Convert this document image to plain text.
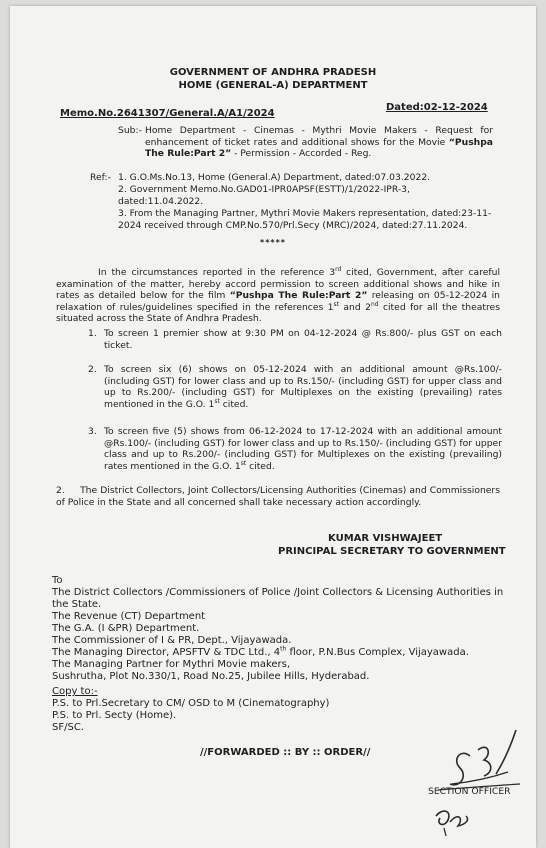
GOVERNMENT OF ANDHRA PRADESH
HOME (GENERAL-A) DEPARTMENT
Memo.No.2641307/General.A/A1/2024
Dated:02-12-2024
Sub:- Home Department - Cinemas - Mythri Movie Makers - Request for enhancement of ticket rates and additional shows for the Movie “Pushpa The Rule:Part 2” - Permission - Accorded - Reg.
Ref:- 1. G.O.Ms.No.13, Home (General.A) Department, dated:07.03.2022.
2. Government Memo.No.GAD01-IPR0APSF(ESTT)/1/2022-IPR-3, dated:11.04.2022.
3. From the Managing Partner, Mythri Movie Makers representation, dated:23-11-2024 received through CMP.No.570/Prl.Secy (MRC)/2024, dated:27.11.2024.
*****
In the circumstances reported in the reference 3rd cited, Government, after careful examination of the matter, hereby accord permission to screen additional shows and hike in rates as detailed below for the film “Pushpa The Rule:Part 2” releasing on 05-12-2024 in relaxation of rules/guidelines specified in the references 1st and 2nd cited for all the theatres situated across the State of Andhra Pradesh.
1. To screen 1 premier show at 9:30 PM on 04-12-2024 @ Rs.800/- plus GST on each ticket.
2. To screen six (6) shows on 05-12-2024 with an additional amount @Rs.100/- (including GST) for lower class and up to Rs.150/- (including GST) for upper class and up to Rs.200/- (including GST) for Multiplexes on the existing (prevailing) rates mentioned in the G.O. 1st cited.
3. To screen five (5) shows from 06-12-2024 to 17-12-2024 with an additional amount @Rs.100/- (including GST) for lower class and up to Rs.150/- (including GST) for upper class and up to Rs.200/- (including GST) for Multiplexes on the existing (prevailing) rates mentioned in the G.O. 1st cited.
2. The District Collectors, Joint Collectors/Licensing Authorities (Cinemas) and Commissioners of Police in the State and all concerned shall take necessary action accordingly.
KUMAR VISHWAJEET
PRINCIPAL SECRETARY TO GOVERNMENT
To
The District Collectors /Commissioners of Police /Joint Collectors & Licensing Authorities in the State.
The Revenue (CT) Department
The G.A. (I &PR) Department.
The Commissioner of I & PR, Dept., Vijayawada.
The Managing Director, APSFTV & TDC Ltd., 4th floor, P.N.Bus Complex, Vijayawada.
The Managing Partner for Mythri Movie makers,
Sushrutha, Plot No.330/1, Road No.25, Jubilee Hills, Hyderabad.
Copy to:-
P.S. to Prl.Secretary to CM/ OSD to M (Cinematography)
P.S. to Prl. Secty (Home).
SF/SC.
//FORWARDED :: BY :: ORDER//
SECTION OFFICER
